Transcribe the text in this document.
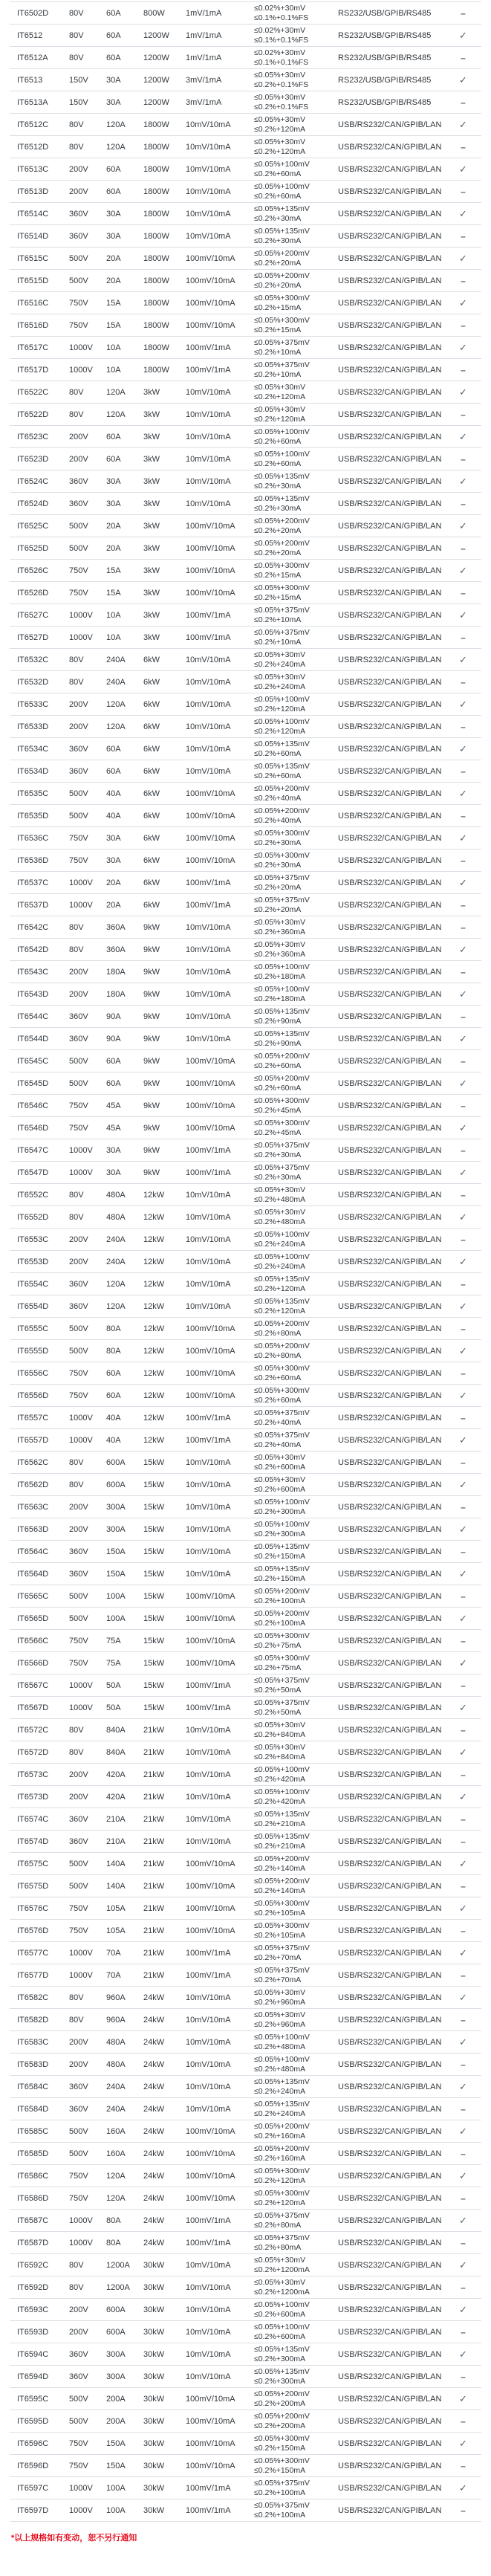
IT6502D	80V	60A	800W	1mV/1mA
≤0.02%+30mV
≤0.1%+0.1%FS	RS232/USB/GPIB/RS485	–
IT6512	80V	60A	1200W	1mV/1mA
≤0.02%+30mV
≤0.1%+0.1%FS	RS232/USB/GPIB/RS485	✓
IT6512A	80V	60A	1200W	1mV/1mA
≤0.02%+30mV
≤0.1%+0.1%FS	RS232/USB/GPIB/RS485	–
IT6513	150V	30A	1200W	3mV/1mA
≤0.05%+30mV
≤0.2%+0.1%FS	RS232/USB/GPIB/RS485	✓
IT6513A	150V	30A	1200W	3mV/1mA
≤0.05%+30mV
≤0.2%+0.1%FS	RS232/USB/GPIB/RS485	–
IT6512C	80V	120A	1800W	10mV/10mA
≤0.05%+30mV
≤0.2%+120mA	USB/RS232/CAN/GPIB/LAN	✓
IT6512D	80V	120A	1800W	10mV/10mA
≤0.05%+30mV
≤0.2%+120mA	USB/RS232/CAN/GPIB/LAN	–
IT6513C	200V	60A	1800W	10mV/10mA
≤0.05%+100mV
≤0.2%+60mA	USB/RS232/CAN/GPIB/LAN	✓
IT6513D	200V	60A	1800W	10mV/10mA
≤0.05%+100mV
≤0.2%+60mA	USB/RS232/CAN/GPIB/LAN	–
IT6514C	360V	30A	1800W	10mV/10mA
≤0.05%+135mV
≤0.2%+30mA	USB/RS232/CAN/GPIB/LAN	✓
IT6514D	360V	30A	1800W	10mV/10mA
≤0.05%+135mV
≤0.2%+30mA	USB/RS232/CAN/GPIB/LAN	–
IT6515C	500V	20A	1800W	100mV/10mA
≤0.05%+200mV
≤0.2%+20mA	USB/RS232/CAN/GPIB/LAN	✓
IT6515D	500V	20A	1800W	100mV/10mA
≤0.05%+200mV
≤0.2%+20mA	USB/RS232/CAN/GPIB/LAN	–
IT6516C	750V	15A	1800W	100mV/10mA
≤0.05%+300mV
≤0.2%+15mA	USB/RS232/CAN/GPIB/LAN	✓
IT6516D	750V	15A	1800W	100mV/10mA
≤0.05%+300mV
≤0.2%+15mA	USB/RS232/CAN/GPIB/LAN	–
IT6517C	1000V	10A	1800W	100mV/1mA
≤0.05%+375mV
≤0.2%+10mA	USB/RS232/CAN/GPIB/LAN	✓
IT6517D	1000V	10A	1800W	100mV/1mA
≤0.05%+375mV
≤0.2%+10mA	USB/RS232/CAN/GPIB/LAN	–
IT6522C	80V	120A	3kW	10mV/10mA
≤0.05%+30mV
≤0.2%+120mA	USB/RS232/CAN/GPIB/LAN	✓
IT6522D	80V	120A	3kW	10mV/10mA
≤0.05%+30mV
≤0.2%+120mA	USB/RS232/CAN/GPIB/LAN	–
IT6523C	200V	60A	3kW	10mV/10mA
≤0.05%+100mV
≤0.2%+60mA	USB/RS232/CAN/GPIB/LAN	✓
IT6523D	200V	60A	3kW	10mV/10mA
≤0.05%+100mV
≤0.2%+60mA	USB/RS232/CAN/GPIB/LAN	–
IT6524C	360V	30A	3kW	10mV/10mA
≤0.05%+135mV
≤0.2%+30mA	USB/RS232/CAN/GPIB/LAN	✓
IT6524D	360V	30A	3kW	10mV/10mA
≤0.05%+135mV
≤0.2%+30mA	USB/RS232/CAN/GPIB/LAN	–
IT6525C	500V	20A	3kW	100mV/10mA
≤0.05%+200mV
≤0.2%+20mA	USB/RS232/CAN/GPIB/LAN	✓
IT6525D	500V	20A	3kW	100mV/10mA
≤0.05%+200mV
≤0.2%+20mA	USB/RS232/CAN/GPIB/LAN	–
IT6526C	750V	15A	3kW	100mV/10mA
≤0.05%+300mV
≤0.2%+15mA	USB/RS232/CAN/GPIB/LAN	✓
IT6526D	750V	15A	3kW	100mV/10mA
≤0.05%+300mV
≤0.2%+15mA	USB/RS232/CAN/GPIB/LAN	–
IT6527C	1000V	10A	3kW	100mV/1mA
≤0.05%+375mV
≤0.2%+10mA	USB/RS232/CAN/GPIB/LAN	✓
IT6527D	1000V	10A	3kW	100mV/1mA
≤0.05%+375mV
≤0.2%+10mA	USB/RS232/CAN/GPIB/LAN	–
IT6532C	80V	240A	6kW	10mV/10mA
≤0.05%+30mV
≤0.2%+240mA	USB/RS232/CAN/GPIB/LAN	✓
IT6532D	80V	240A	6kW	10mV/10mA
≤0.05%+30mV
≤0.2%+240mA	USB/RS232/CAN/GPIB/LAN	–
IT6533C	200V	120A	6kW	10mV/10mA
≤0.05%+100mV
≤0.2%+120mA	USB/RS232/CAN/GPIB/LAN	✓
IT6533D	200V	120A	6kW	10mV/10mA
≤0.05%+100mV
≤0.2%+120mA	USB/RS232/CAN/GPIB/LAN	–
IT6534C	360V	60A	6kW	10mV/10mA
≤0.05%+135mV
≤0.2%+60mA	USB/RS232/CAN/GPIB/LAN	✓
IT6534D	360V	60A	6kW	10mV/10mA
≤0.05%+135mV
≤0.2%+60mA	USB/RS232/CAN/GPIB/LAN	–
IT6535C	500V	40A	6kW	100mV/10mA
≤0.05%+200mV
≤0.2%+40mA	USB/RS232/CAN/GPIB/LAN	✓
IT6535D	500V	40A	6kW	100mV/10mA
≤0.05%+200mV
≤0.2%+40mA	USB/RS232/CAN/GPIB/LAN	–
IT6536C	750V	30A	6kW	100mV/10mA
≤0.05%+300mV
≤0.2%+30mA	USB/RS232/CAN/GPIB/LAN	✓
IT6536D	750V	30A	6kW	100mV/10mA
≤0.05%+300mV
≤0.2%+30mA	USB/RS232/CAN/GPIB/LAN	–
IT6537C	1000V	20A	6kW	100mV/1mA
≤0.05%+375mV
≤0.2%+20mA	USB/RS232/CAN/GPIB/LAN	✓
IT6537D	1000V	20A	6kW	100mV/1mA
≤0.05%+375mV
≤0.2%+20mA	USB/RS232/CAN/GPIB/LAN	–
IT6542C	80V	360A	9kW	10mV/10mA
≤0.05%+30mV
≤0.2%+360mA	USB/RS232/CAN/GPIB/LAN	–
IT6542D	80V	360A	9kW	10mV/10mA
≤0.05%+30mV
≤0.2%+360mA	USB/RS232/CAN/GPIB/LAN	✓
IT6543C	200V	180A	9kW	10mV/10mA
≤0.05%+100mV
≤0.2%+180mA	USB/RS232/CAN/GPIB/LAN	–
IT6543D	200V	180A	9kW	10mV/10mA
≤0.05%+100mV
≤0.2%+180mA	USB/RS232/CAN/GPIB/LAN	✓
IT6544C	360V	90A	9kW	10mV/10mA
≤0.05%+135mV
≤0.2%+90mA	USB/RS232/CAN/GPIB/LAN	–
IT6544D	360V	90A	9kW	10mV/10mA
≤0.05%+135mV
≤0.2%+90mA	USB/RS232/CAN/GPIB/LAN	✓
IT6545C	500V	60A	9kW	100mV/10mA
≤0.05%+200mV
≤0.2%+60mA	USB/RS232/CAN/GPIB/LAN	–
IT6545D	500V	60A	9kW	100mV/10mA
≤0.05%+200mV
≤0.2%+60mA	USB/RS232/CAN/GPIB/LAN	✓
IT6546C	750V	45A	9kW	100mV/10mA
≤0.05%+300mV
≤0.2%+45mA	USB/RS232/CAN/GPIB/LAN	–
IT6546D	750V	45A	9kW	100mV/10mA
≤0.05%+300mV
≤0.2%+45mA	USB/RS232/CAN/GPIB/LAN	✓
IT6547C	1000V	30A	9kW	100mV/1mA
≤0.05%+375mV
≤0.2%+30mA	USB/RS232/CAN/GPIB/LAN	–
IT6547D	1000V	30A	9kW	100mV/1mA
≤0.05%+375mV
≤0.2%+30mA	USB/RS232/CAN/GPIB/LAN	✓
IT6552C	80V	480A	12kW	10mV/10mA
≤0.05%+30mV
≤0.2%+480mA	USB/RS232/CAN/GPIB/LAN	–
IT6552D	80V	480A	12kW	10mV/10mA
≤0.05%+30mV
≤0.2%+480mA	USB/RS232/CAN/GPIB/LAN	✓
IT6553C	200V	240A	12kW	10mV/10mA
≤0.05%+100mV
≤0.2%+240mA	USB/RS232/CAN/GPIB/LAN	–
IT6553D	200V	240A	12kW	10mV/10mA
≤0.05%+100mV
≤0.2%+240mA	USB/RS232/CAN/GPIB/LAN	✓
IT6554C	360V	120A	12kW	10mV/10mA
≤0.05%+135mV
≤0.2%+120mA	USB/RS232/CAN/GPIB/LAN	–
IT6554D	360V	120A	12kW	10mV/10mA
≤0.05%+135mV
≤0.2%+120mA	USB/RS232/CAN/GPIB/LAN	✓
IT6555C	500V	80A	12kW	100mV/10mA
≤0.05%+200mV
≤0.2%+80mA	USB/RS232/CAN/GPIB/LAN	–
IT6555D	500V	80A	12kW	100mV/10mA
≤0.05%+200mV
≤0.2%+80mA	USB/RS232/CAN/GPIB/LAN	✓
IT6556C	750V	60A	12kW	100mV/10mA
≤0.05%+300mV
≤0.2%+60mA	USB/RS232/CAN/GPIB/LAN	–
IT6556D	750V	60A	12kW	100mV/10mA
≤0.05%+300mV
≤0.2%+60mA	USB/RS232/CAN/GPIB/LAN	✓
IT6557C	1000V	40A	12kW	100mV/1mA
≤0.05%+375mV
≤0.2%+40mA	USB/RS232/CAN/GPIB/LAN	–
IT6557D	1000V	40A	12kW	100mV/1mA
≤0.05%+375mV
≤0.2%+40mA	USB/RS232/CAN/GPIB/LAN	✓
IT6562C	80V	600A	15kW	10mV/10mA
≤0.05%+30mV
≤0.2%+600mA	USB/RS232/CAN/GPIB/LAN	–
IT6562D	80V	600A	15kW	10mV/10mA
≤0.05%+30mV
≤0.2%+600mA	USB/RS232/CAN/GPIB/LAN	✓
IT6563C	200V	300A	15kW	10mV/10mA
≤0.05%+100mV
≤0.2%+300mA	USB/RS232/CAN/GPIB/LAN	–
IT6563D	200V	300A	15kW	10mV/10mA
≤0.05%+100mV
≤0.2%+300mA	USB/RS232/CAN/GPIB/LAN	✓
IT6564C	360V	150A	15kW	10mV/10mA
≤0.05%+135mV
≤0.2%+150mA	USB/RS232/CAN/GPIB/LAN	–
IT6564D	360V	150A	15kW	10mV/10mA
≤0.05%+135mV
≤0.2%+150mA	USB/RS232/CAN/GPIB/LAN	✓
IT6565C	500V	100A	15kW	100mV/10mA
≤0.05%+200mV
≤0.2%+100mA	USB/RS232/CAN/GPIB/LAN	–
IT6565D	500V	100A	15kW	100mV/10mA
≤0.05%+200mV
≤0.2%+100mA	USB/RS232/CAN/GPIB/LAN	✓
IT6566C	750V	75A	15kW	100mV/10mA
≤0.05%+300mV
≤0.2%+75mA	USB/RS232/CAN/GPIB/LAN	–
IT6566D	750V	75A	15kW	100mV/10mA
≤0.05%+300mV
≤0.2%+75mA	USB/RS232/CAN/GPIB/LAN	✓
IT6567C	1000V	50A	15kW	100mV/1mA
≤0.05%+375mV
≤0.2%+50mA	USB/RS232/CAN/GPIB/LAN	–
IT6567D	1000V	50A	15kW	100mV/1mA
≤0.05%+375mV
≤0.2%+50mA	USB/RS232/CAN/GPIB/LAN	✓
IT6572C	80V	840A	21kW	10mV/10mA
≤0.05%+30mV
≤0.2%+840mA	USB/RS232/CAN/GPIB/LAN	–
IT6572D	80V	840A	21kW	10mV/10mA
≤0.05%+30mV
≤0.2%+840mA	USB/RS232/CAN/GPIB/LAN	✓
IT6573C	200V	420A	21kW	10mV/10mA
≤0.05%+100mV
≤0.2%+420mA	USB/RS232/CAN/GPIB/LAN	–
IT6573D	200V	420A	21kW	10mV/10mA
≤0.05%+100mV
≤0.2%+420mA	USB/RS232/CAN/GPIB/LAN	✓
IT6574C	360V	210A	21kW	10mV/10mA
≤0.05%+135mV
≤0.2%+210mA	USB/RS232/CAN/GPIB/LAN	–
IT6574D	360V	210A	21kW	10mV/10mA
≤0.05%+135mV
≤0.2%+210mA	USB/RS232/CAN/GPIB/LAN	–
IT6575C	500V	140A	21kW	100mV/10mA
≤0.05%+200mV
≤0.2%+140mA	USB/RS232/CAN/GPIB/LAN	✓
IT6575D	500V	140A	21kW	100mV/10mA
≤0.05%+200mV
≤0.2%+140mA	USB/RS232/CAN/GPIB/LAN	–
IT6576C	750V	105A	21kW	100mV/10mA
≤0.05%+300mV
≤0.2%+105mA	USB/RS232/CAN/GPIB/LAN	✓
IT6576D	750V	105A	21kW	100mV/10mA
≤0.05%+300mV
≤0.2%+105mA	USB/RS232/CAN/GPIB/LAN	–
IT6577C	1000V	70A	21kW	100mV/1mA
≤0.05%+375mV
≤0.2%+70mA	USB/RS232/CAN/GPIB/LAN	✓
IT6577D	1000V	70A	21kW	100mV/1mA
≤0.05%+375mV
≤0.2%+70mA	USB/RS232/CAN/GPIB/LAN	–
IT6582C	80V	960A	24kW	10mV/10mA
≤0.05%+30mV
≤0.2%+960mA	USB/RS232/CAN/GPIB/LAN	✓
IT6582D	80V	960A	24kW	10mV/10mA
≤0.05%+30mV
≤0.2%+960mA	USB/RS232/CAN/GPIB/LAN	–
IT6583C	200V	480A	24kW	10mV/10mA
≤0.05%+100mV
≤0.2%+480mA	USB/RS232/CAN/GPIB/LAN	✓
IT6583D	200V	480A	24kW	10mV/10mA
≤0.05%+100mV
≤0.2%+480mA	USB/RS232/CAN/GPIB/LAN	–
IT6584C	360V	240A	24kW	10mV/10mA
≤0.05%+135mV
≤0.2%+240mA	USB/RS232/CAN/GPIB/LAN	✓
IT6584D	360V	240A	24kW	10mV/10mA
≤0.05%+135mV
≤0.2%+240mA	USB/RS232/CAN/GPIB/LAN	–
IT6585C	500V	160A	24kW	100mV/10mA
≤0.05%+200mV
≤0.2%+160mA	USB/RS232/CAN/GPIB/LAN	✓
IT6585D	500V	160A	24kW	100mV/10mA
≤0.05%+200mV
≤0.2%+160mA	USB/RS232/CAN/GPIB/LAN	–
IT6586C	750V	120A	24kW	100mV/10mA
≤0.05%+300mV
≤0.2%+120mA	USB/RS232/CAN/GPIB/LAN	✓
IT6586D	750V	120A	24kW	100mV/10mA
≤0.05%+300mV
≤0.2%+120mA	USB/RS232/CAN/GPIB/LAN	–
IT6587C	1000V	80A	24kW	100mV/1mA
≤0.05%+375mV
≤0.2%+80mA	USB/RS232/CAN/GPIB/LAN	✓
IT6587D	1000V	80A	24kW	100mV/1mA
≤0.05%+375mV
≤0.2%+80mA	USB/RS232/CAN/GPIB/LAN	–
IT6592C	80V	1200A	30kW	10mV/10mA
≤0.05%+30mV
≤0.2%+1200mA	USB/RS232/CAN/GPIB/LAN	✓
IT6592D	80V	1200A	30kW	10mV/10mA
≤0.05%+30mV
≤0.2%+1200mA	USB/RS232/CAN/GPIB/LAN	–
IT6593C	200V	600A	30kW	10mV/10mA
≤0.05%+100mV
≤0.2%+600mA	USB/RS232/CAN/GPIB/LAN	✓
IT6593D	200V	600A	30kW	10mV/10mA
≤0.05%+100mV
≤0.2%+600mA	USB/RS232/CAN/GPIB/LAN	–
IT6594C	360V	300A	30kW	10mV/10mA
≤0.05%+135mV
≤0.2%+300mA	USB/RS232/CAN/GPIB/LAN	✓
IT6594D	360V	300A	30kW	10mV/10mA
≤0.05%+135mV
≤0.2%+300mA	USB/RS232/CAN/GPIB/LAN	–
IT6595C	500V	200A	30kW	100mV/10mA
≤0.05%+200mV
≤0.2%+200mA	USB/RS232/CAN/GPIB/LAN	✓
IT6595D	500V	200A	30kW	100mV/10mA
≤0.05%+200mV
≤0.2%+200mA	USB/RS232/CAN/GPIB/LAN	–
IT6596C	750V	150A	30kW	100mV/10mA
≤0.05%+300mV
≤0.2%+150mA	USB/RS232/CAN/GPIB/LAN	✓
IT6596D	750V	150A	30kW	100mV/10mA
≤0.05%+300mV
≤0.2%+150mA	USB/RS232/CAN/GPIB/LAN	–
IT6597C	1000V	100A	30kW	100mV/1mA
≤0.05%+375mV
≤0.2%+100mA	USB/RS232/CAN/GPIB/LAN	✓
IT6597D	1000V	100A	30kW	100mV/1mA
≤0.05%+375mV
≤0.2%+100mA	USB/RS232/CAN/GPIB/LAN	–
*以上规格如有变动，恕不另行通知
